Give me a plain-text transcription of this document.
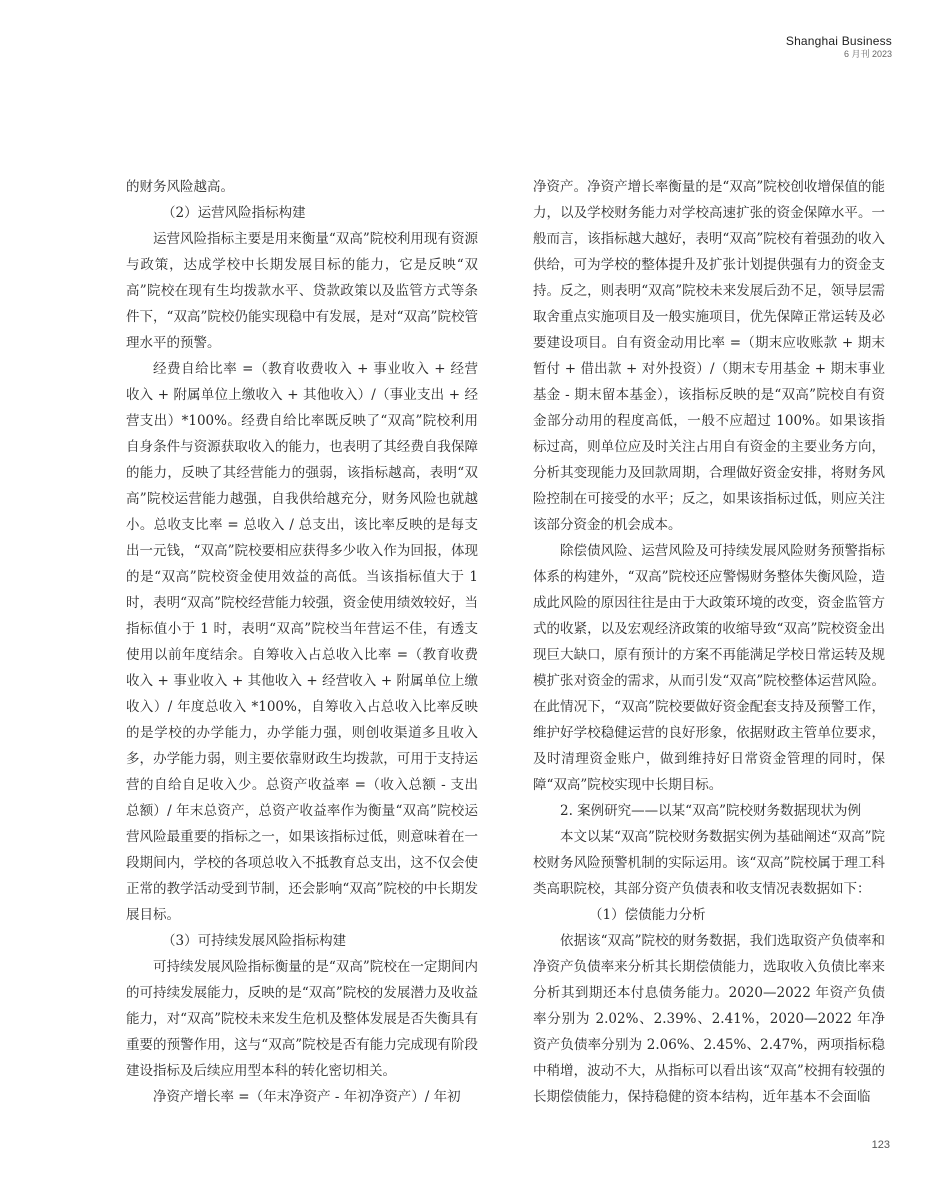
Shanghai Business
6 月刊 2023

的财务风险越高。

（2）运营风险指标构建

运营风险指标主要是用来衡量“双高”院校利用现有资源与政策，达成学校中长期发展目标的能力，它是反映“双高”院校在现有生均拨款水平、贷款政策以及监管方式等条件下，“双高”院校仍能实现稳中有发展，是对“双高”院校管理水平的预警。

经费自给比率 =（教育收费收入 + 事业收入 + 经营收入 + 附属单位上缴收入 + 其他收入）/（事业支出 + 经营支出）*100%。经费自给比率既反映了“双高”院校利用自身条件与资源获取收入的能力，也表明了其经费自我保障的能力，反映了其经营能力的强弱，该指标越高，表明“双高”院校运营能力越强，自我供给越充分，财务风险也就越小。总收支比率 = 总收入 / 总支出，该比率反映的是每支出一元钱，“双高”院校要相应获得多少收入作为回报，体现的是“双高”院校资金使用效益的高低。当该指标值大于 1 时，表明“双高”院校经营能力较强，资金使用绩效较好，当指标值小于 1 时，表明“双高”院校当年营运不佳，有透支使用以前年度结余。自筹收入占总收入比率 =（教育收费收入 + 事业收入 + 其他收入 + 经营收入 + 附属单位上缴收入）/ 年度总收入 *100%，自筹收入占总收入比率反映的是学校的办学能力，办学能力强，则创收渠道多且收入多，办学能力弱，则主要依靠财政生均拨款，可用于支持运营的自给自足收入少。总资产收益率 =（收入总额 - 支出总额）/ 年末总资产，总资产收益率作为衡量“双高”院校运营风险最重要的指标之一，如果该指标过低，则意味着在一段期间内，学校的各项总收入不抵教育总支出，这不仅会使正常的教学活动受到节制，还会影响“双高”院校的中长期发展目标。

（3）可持续发展风险指标构建

可持续发展风险指标衡量的是“双高”院校在一定期间内的可持续发展能力，反映的是“双高”院校的发展潜力及收益能力，对“双高”院校未来发生危机及整体发展是否失衡具有重要的预警作用，这与“双高”院校是否有能力完成现有阶段建设指标及后续应用型本科的转化密切相关。

净资产增长率 =（年末净资产 - 年初净资产）/ 年初

净资产。净资产增长率衡量的是“双高”院校创收增保值的能力，以及学校财务能力对学校高速扩张的资金保障水平。一般而言，该指标越大越好，表明“双高”院校有着强劲的收入供给，可为学校的整体提升及扩张计划提供强有力的资金支持。反之，则表明“双高”院校未来发展后劲不足，领导层需取舍重点实施项目及一般实施项目，优先保障正常运转及必要建设项目。自有资金动用比率 =（期末应收账款 + 期末暂付 + 借出款 + 对外投资）/（期末专用基金 + 期末事业基金 - 期末留本基金），该指标反映的是“双高”院校自有资金部分动用的程度高低，一般不应超过 100%。如果该指标过高，则单位应及时关注占用自有资金的主要业务方向，分析其变现能力及回款周期，合理做好资金安排，将财务风险控制在可接受的水平；反之，如果该指标过低，则应关注该部分资金的机会成本。

除偿债风险、运营风险及可持续发展风险财务预警指标体系的构建外，“双高”院校还应警惕财务整体失衡风险，造成此风险的原因往往是由于大政策环境的改变，资金监管方式的收紧，以及宏观经济政策的收缩导致“双高”院校资金出现巨大缺口，原有预计的方案不再能满足学校日常运转及规模扩张对资金的需求，从而引发“双高”院校整体运营风险。在此情况下，“双高”院校要做好资金配套支持及预警工作，维护好学校稳健运营的良好形象，依据财政主管单位要求，及时清理资金账户，做到维持好日常资金管理的同时，保障“双高”院校实现中长期目标。

2. 案例研究——以某“双高”院校财务数据现状为例

本文以某“双高”院校财务数据实例为基础阐述“双高”院校财务风险预警机制的实际运用。该“双高”院校属于理工科类高职院校，其部分资产负债表和收支情况表数据如下：

（1）偿债能力分析

依据该“双高”院校的财务数据，我们选取资产负债率和净资产负债率来分析其长期偿债能力，选取收入负债比率来分析其到期还本付息债务能力。2020—2022 年资产负债率分别为 2.02%、2.39%、2.41%，2020—2022 年净资产负债率分别为 2.06%、2.45%、2.47%，两项指标稳中稍增，波动不大，从指标可以看出该“双高”校拥有较强的长期偿债能力，保持稳健的资本结构，近年基本不会面临

123
